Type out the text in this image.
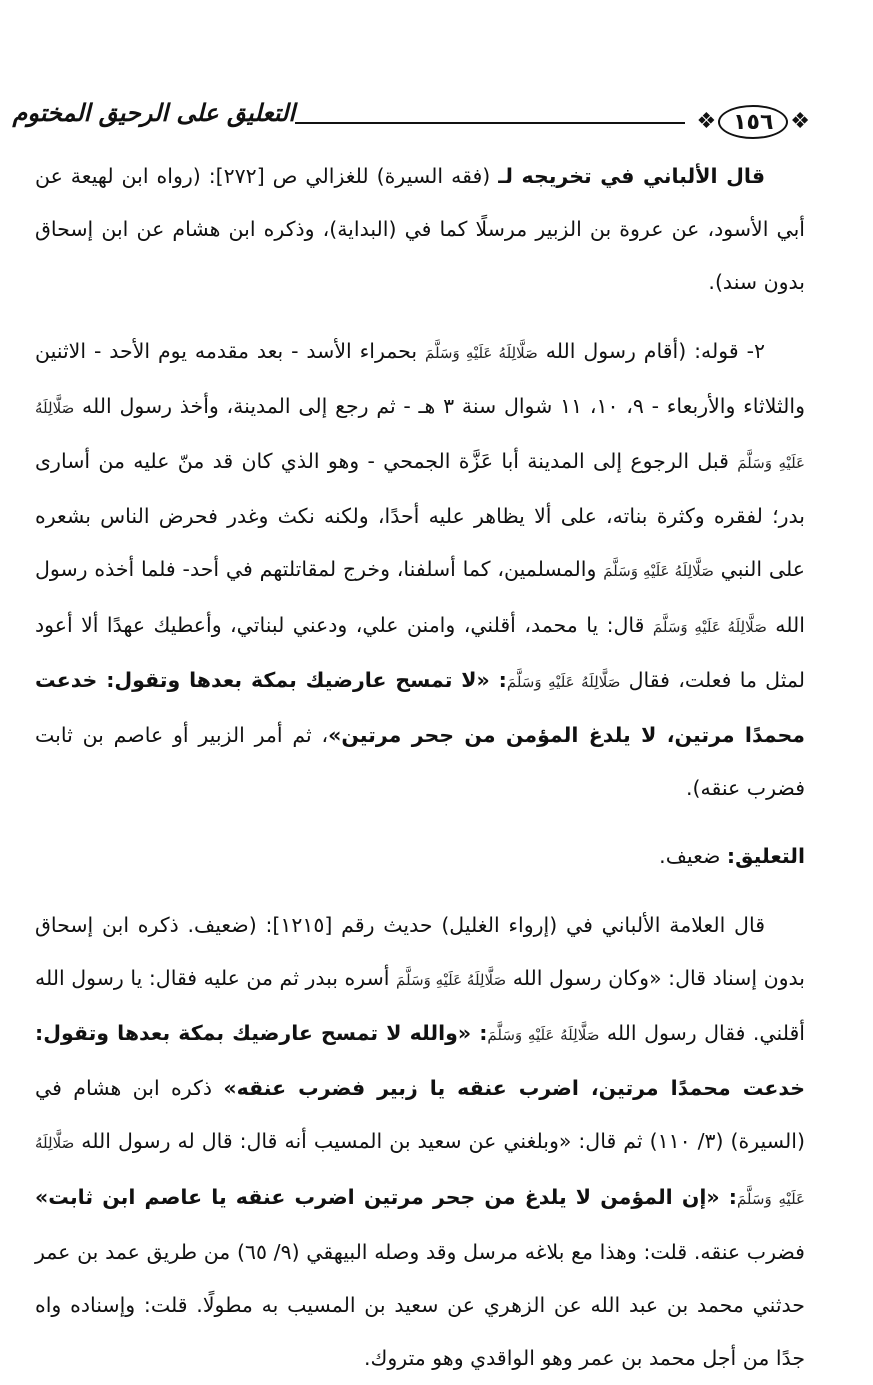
❖
١٥٦
❖
التعليق على الرحيق المختوم

قال الألباني في تخريجه لـ (فقه السيرة) للغزالي ص [٢٧٢]: (رواه ابن لهيعة عن أبي الأسود، عن عروة بن الزبير مرسلًا كما في (البداية)، وذكره ابن هشام عن ابن إسحاق بدون سند).

٢- قوله: (أقام رسول الله صَلَّالِلَهُ عَلَيْهِ وَسَلَّمَ بحمراء الأسد - بعد مقدمه يوم الأحد - الاثنين والثلاثاء والأربعاء - ٩، ١٠، ١١ شوال سنة ٣ هـ - ثم رجع إلى المدينة، وأخذ رسول الله صَلَّالِلَهُ عَلَيْهِ وَسَلَّمَ قبل الرجوع إلى المدينة أبا عَزَّة الجمحي - وهو الذي كان قد منّ عليه من أسارى بدر؛ لفقره وكثرة بناته، على ألا يظاهر عليه أحدًا، ولكنه نكث وغدر فحرض الناس بشعره على النبي صَلَّالِلَهُ عَلَيْهِ وَسَلَّمَ والمسلمين، كما أسلفنا، وخرج لمقاتلتهم في أحد- فلما أخذه رسول الله صَلَّالِلَهُ عَلَيْهِ وَسَلَّمَ قال: يا محمد، أقلني، وامنن علي، ودعني لبناتي، وأعطيك عهدًا ألا أعود لمثل ما فعلت، فقال صَلَّالِلَهُ عَلَيْهِ وَسَلَّمَ: «لا تمسح عارضيك بمكة بعدها وتقول: خدعت محمدًا مرتين، لا يلدغ المؤمن من جحر مرتين»، ثم أمر الزبير أو عاصم بن ثابت فضرب عنقه).

التعليق: ضعيف.

قال العلامة الألباني في (إرواء الغليل) حديث رقم [١٢١٥]: (ضعيف. ذكره ابن إسحاق بدون إسناد قال: «وكان رسول الله صَلَّالِلَهُ عَلَيْهِ وَسَلَّمَ أسره ببدر ثم من عليه فقال: يا رسول الله أقلني. فقال رسول الله صَلَّالِلَهُ عَلَيْهِ وَسَلَّمَ: «والله لا تمسح عارضيك بمكة بعدها وتقول: خدعت محمدًا مرتين، اضرب عنقه يا زبير فضرب عنقه» ذكره ابن هشام في (السيرة) (٣/ ١١٠) ثم قال: «وبلغني عن سعيد بن المسيب أنه قال: قال له رسول الله صَلَّالِلَهُ عَلَيْهِ وَسَلَّمَ: «إن المؤمن لا يلدغ من جحر مرتين اضرب عنقه يا عاصم ابن ثابت» فضرب عنقه. قلت: وهذا مع بلاغه مرسل وقد وصله البيهقي (٩/ ٦٥) من طريق عمد بن عمر حدثني محمد بن عبد الله عن الزهري عن سعيد بن المسيب به مطولًا. قلت: وإسناده واه جدًا من أجل محمد بن عمر وهو الواقدي وهو متروك.
